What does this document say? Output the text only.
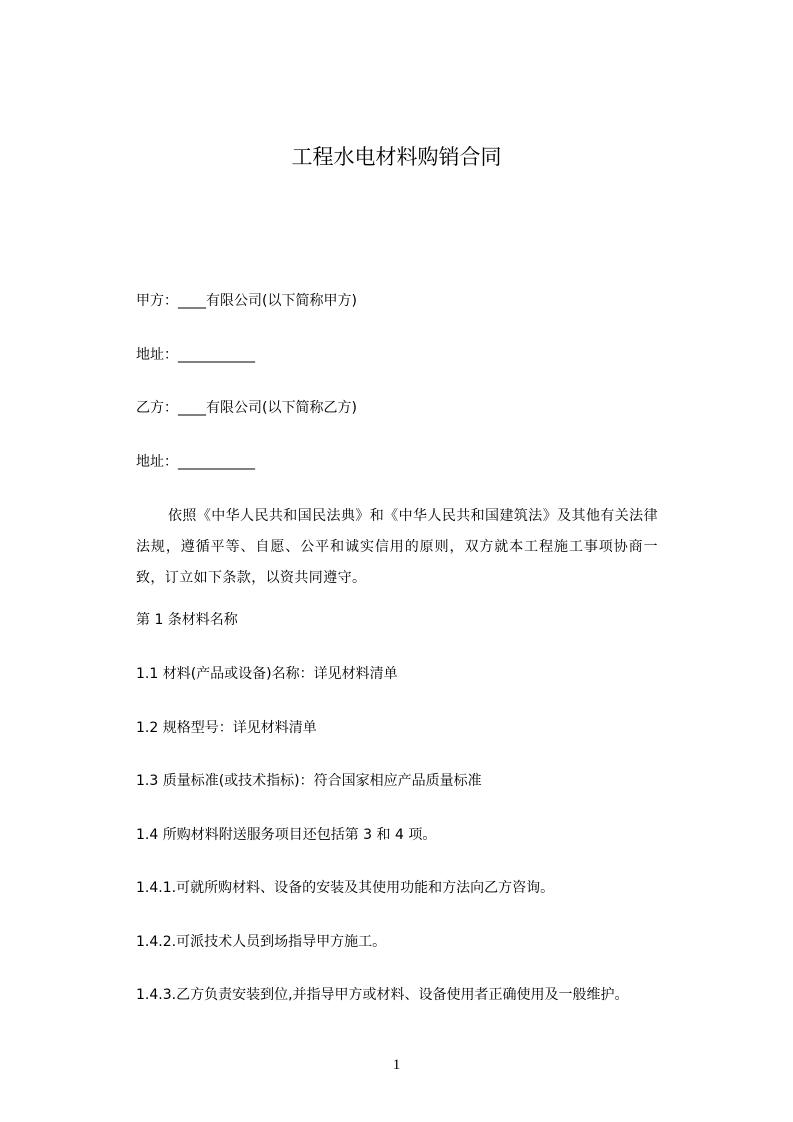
工程水电材料购销合同
甲方：____有限公司(以下简称甲方)
地址：___________
乙方：____有限公司(以下简称乙方)
地址：___________
依照《中华人民共和国民法典》和《中华人民共和国建筑法》及其他有关法律法规，遵循平等、自愿、公平和诚实信用的原则，双方就本工程施工事项协商一致，订立如下条款，以资共同遵守。
第 1 条材料名称
1.1 材料(产品或设备)名称：详见材料清单
1.2 规格型号：详见材料清单
1.3 质量标准(或技术指标)：符合国家相应产品质量标准
1.4 所购材料附送服务项目还包括第 3 和 4 项。
1.4.1.可就所购材料、设备的安装及其使用功能和方法向乙方咨询。
1.4.2.可派技术人员到场指导甲方施工。
1.4.3.乙方负责安装到位,并指导甲方或材料、设备使用者正确使用及一般维护。
1
